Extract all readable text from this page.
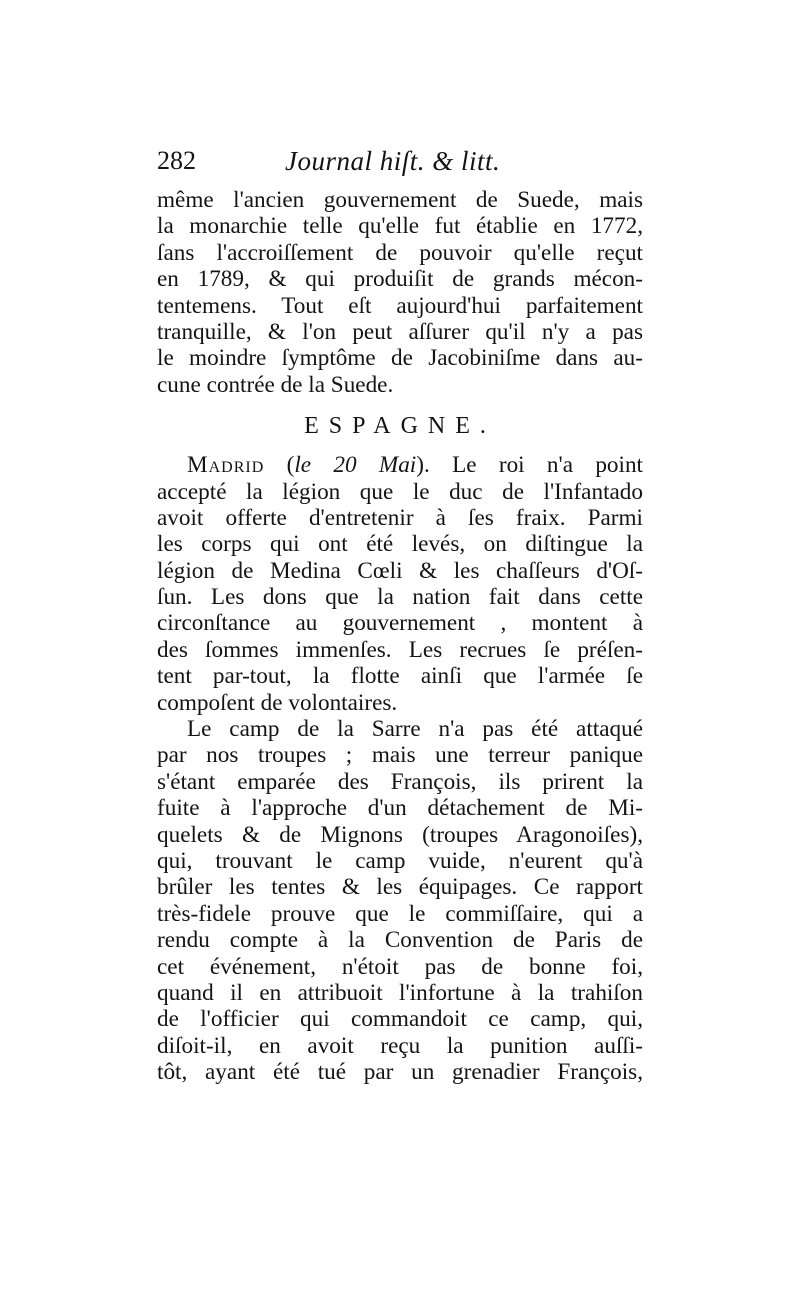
282	Journal hiſt. & litt.
même l'ancien gouvernement de Suede, mais
la monarchie telle qu'elle fut établie en 1772,
ſans l'accroiſſement de pouvoir qu'elle reçut
en 1789, & qui produiſit de grands mécon-
tentemens. Tout eſt aujourd'hui parfaitement
tranquille, & l'on peut aſſurer qu'il n'y a pas
le moindre ſymptôme de Jacobiniſme dans au-
cune contrée de la Suede.
ESPAGNE.
Madrid (le 20 Mai). Le roi n'a point
accepté la légion que le duc de l'Infantado
avoit offerte d'entretenir à ſes fraix. Parmi
les corps qui ont été levés, on diſtingue la
légion de Medina Cœli & les chaſſeurs d'Oſ-
ſun. Les dons que la nation fait dans cette
circonſtance au gouvernement , montent à
des ſommes immenſes. Les recrues ſe préſen-
tent par-tout, la flotte ainſi que l'armée ſe
compoſent de volontaires.
Le camp de la Sarre n'a pas été attaqué
par nos troupes ; mais une terreur panique
s'étant emparée des François, ils prirent la
fuite à l'approche d'un détachement de Mi-
quelets & de Mignons (troupes Aragonoiſes),
qui, trouvant le camp vuide, n'eurent qu'à
brûler les tentes & les équipages. Ce rapport
très-fidele prouve que le commiſſaire, qui a
rendu compte à la Convention de Paris de
cet événement, n'étoit pas de bonne foi,
quand il en attribuoit l'infortune à la trahiſon
de l'officier qui commandoit ce camp, qui,
diſoit-il, en avoit reçu la punition auſſi-
tôt, ayant été tué par un grenadier François,
